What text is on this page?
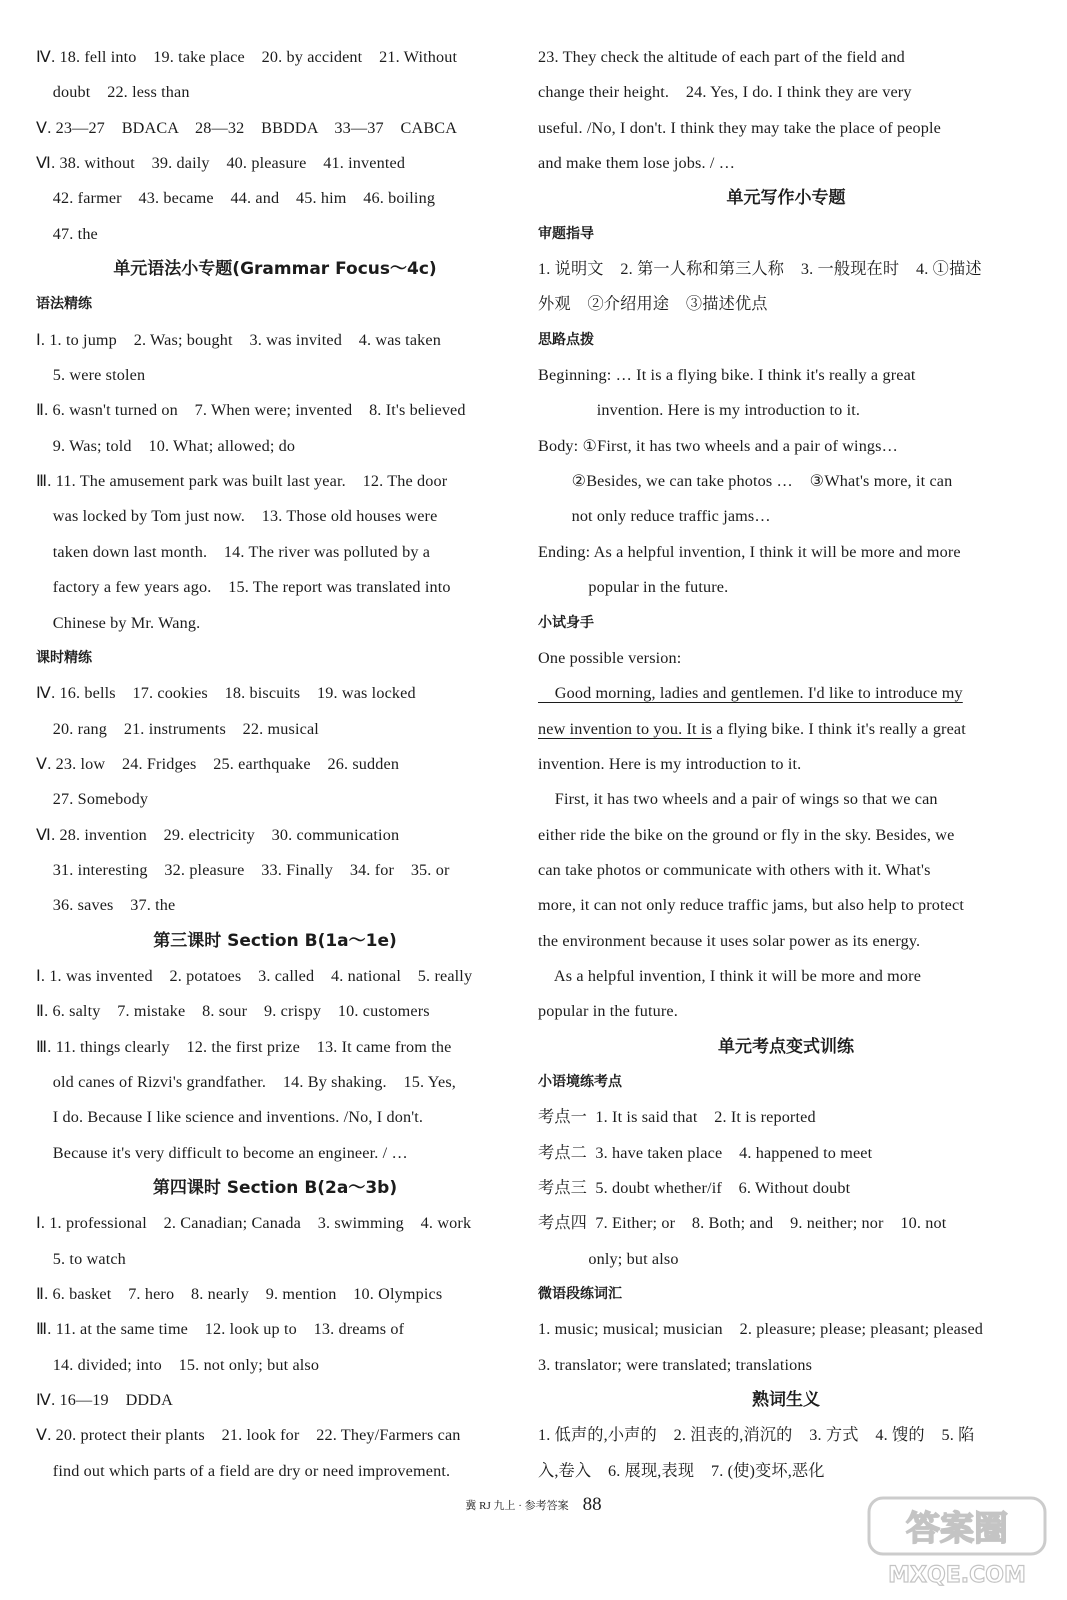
Ⅳ. 18. fell into    19. take place    20. by accident    21. Without
doubt    22. less than
Ⅴ. 23—27    BDACA    28—32    BBDDA    33—37    CABCA
Ⅵ. 38. without    39. daily    40. pleasure    41. invented
42. farmer    43. became    44. and    45. him    46. boiling
47. the
单元语法小专题(Grammar Focus～4c)
语法精练
Ⅰ. 1. to jump    2. Was; bought    3. was invited    4. was taken
5. were stolen
Ⅱ. 6. wasn't turned on    7. When were; invented    8. It's believed
9. Was; told    10. What; allowed; do
Ⅲ. 11. The amusement park was built last year.    12. The door
was locked by Tom just now.    13. Those old houses were
taken down last month.    14. The river was polluted by a
factory a few years ago.    15. The report was translated into
Chinese by Mr. Wang.
课时精练
Ⅳ. 16. bells    17. cookies    18. biscuits    19. was locked
20. rang    21. instruments    22. musical
Ⅴ. 23. low    24. Fridges    25. earthquake    26. sudden
27. Somebody
Ⅵ. 28. invention    29. electricity    30. communication
31. interesting    32. pleasure    33. Finally    34. for    35. or
36. saves    37. the
第三课时 Section B(1a～1e)
Ⅰ. 1. was invented    2. potatoes    3. called    4. national    5. really
Ⅱ. 6. salty    7. mistake    8. sour    9. crispy    10. customers
Ⅲ. 11. things clearly    12. the first prize    13. It came from the
old canes of Rizvi's grandfather.    14. By shaking.    15. Yes,
I do. Because I like science and inventions. /No, I don't.
Because it's very difficult to become an engineer. / …
第四课时 Section B(2a～3b)
Ⅰ. 1. professional    2. Canadian; Canada    3. swimming    4. work
5. to watch
Ⅱ. 6. basket    7. hero    8. nearly    9. mention    10. Olympics
Ⅲ. 11. at the same time    12. look up to    13. dreams of
14. divided; into    15. not only; but also
Ⅳ. 16—19    DDDA
Ⅴ. 20. protect their plants    21. look for    22. They/Farmers can
find out which parts of a field are dry or need improvement.
23. They check the altitude of each part of the field and
change their height.    24. Yes, I do. I think they are very
useful. /No, I don't. I think they may take the place of people
and make them lose jobs. / …
单元写作小专题
审题指导
1. 说明文    2. 第一人称和第三人称    3. 一般现在时    4. ①描述
外观    ②介绍用途    ③描述优点
思路点拨
Beginning: … It is a flying bike. I think it's really a great
invention. Here is my introduction to it.
Body: ①First, it has two wheels and a pair of wings…
②Besides, we can take photos …    ③What's more, it can
not only reduce traffic jams…
Ending: As a helpful invention, I think it will be more and more
popular in the future.
小试身手
One possible version:
Good morning, ladies and gentlemen. I'd like to introduce my
new invention to you. It is a flying bike. I think it's really a great
invention. Here is my introduction to it.
First, it has two wheels and a pair of wings so that we can
either ride the bike on the ground or fly in the sky. Besides, we
can take photos or communicate with others with it. What's
more, it can not only reduce traffic jams, but also help to protect
the environment because it uses solar power as its energy.
As a helpful invention, I think it will be more and more
popular in the future.
单元考点变式训练
小语境练考点
考点一  1. It is said that    2. It is reported
考点二  3. have taken place    4. happened to meet
考点三  5. doubt whether/if    6. Without doubt
考点四  7. Either; or    8. Both; and    9. neither; nor    10. not
only; but also
微语段练词汇
1. music; musical; musician    2. pleasure; please; pleasant; pleased
3. translator; were translated; translations
熟词生义
1. 低声的,小声的    2. 沮丧的,消沉的    3. 方式    4. 馊的    5. 陷
入,卷入    6. 展现,表现    7. (使)变坏,恶化
冀 RJ 九上 · 参考答案 88
答案圈
MXQE.COM
